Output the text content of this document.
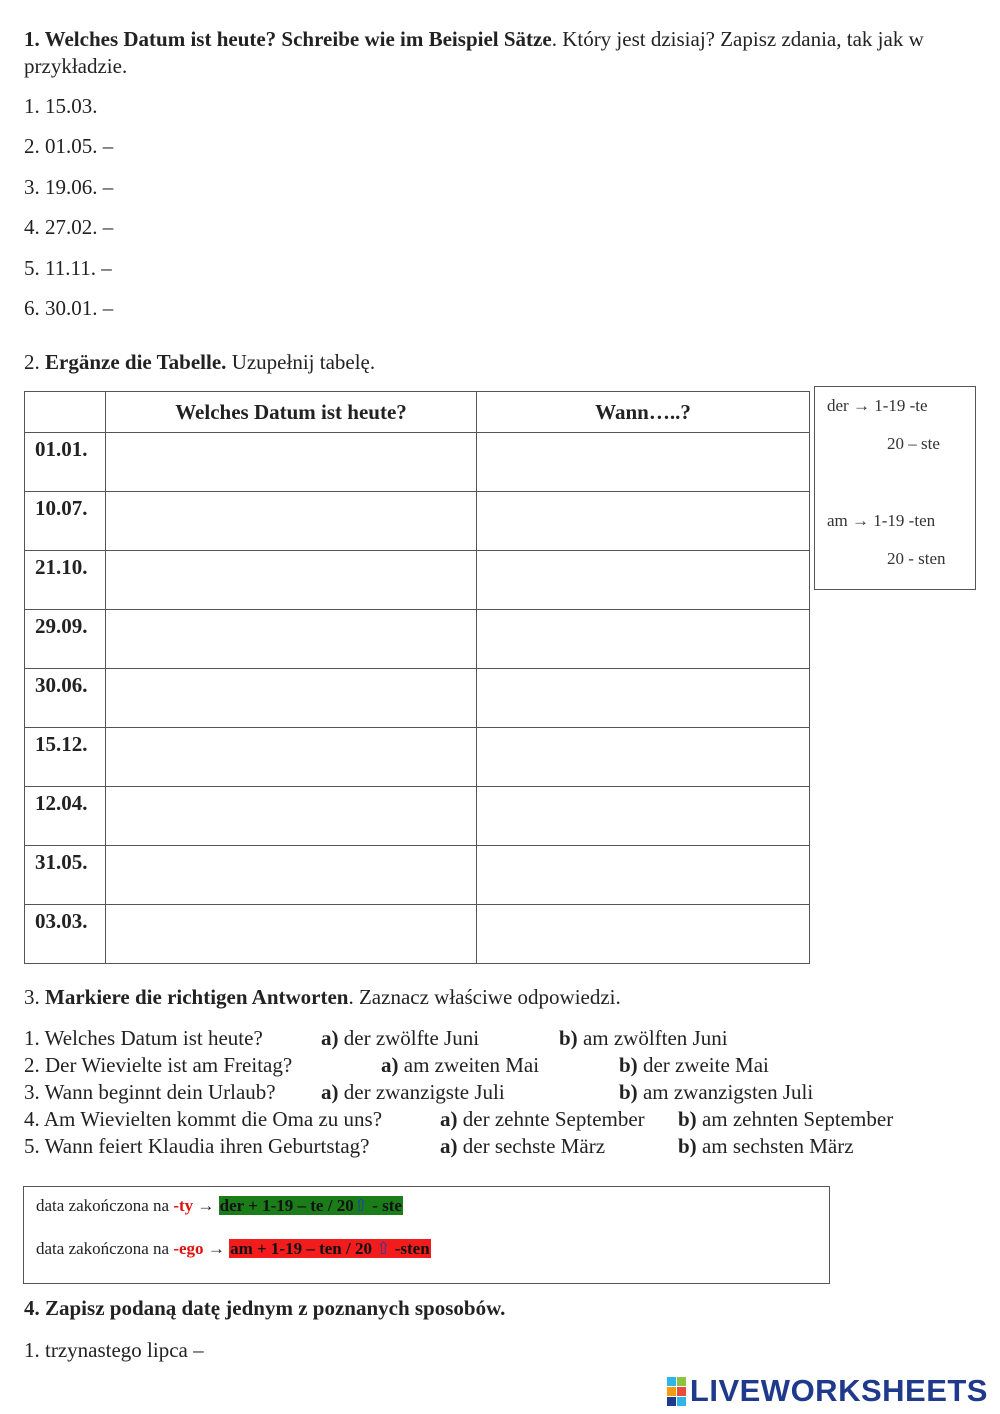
1. Welches Datum ist heute? Schreibe wie im Beispiel Sätze. Który jest dzisiaj? Zapisz zdania, tak jak w przykładzie.
1. 15.03.
2. 01.05. –
3. 19.06. –
4. 27.02. –
5. 11.11. –
6. 30.01. –
2. Ergänze die Tabelle. Uzupełnij tabelę.
	Welches Datum ist heute?	Wann…..?
01.01.		
10.07.		
21.10.		
29.09.		
30.06.		
15.12.		
12.04.		
31.05.		
03.03.		
der → 1-19 -te
20 – ste
am → 1-19 -ten
20 - sten
3. Markiere die richtigen Antworten. Zaznacz właściwe odpowiedzi.
1. Welches Datum ist heute?	a) der zwölfte Juni	b) am zwölften Juni
2. Der Wievielte ist am Freitag?	a) am zweiten Mai	b) der zweite Mai
3. Wann beginnt dein Urlaub? a) der zwanzigste Juli	b) am zwanzigsten Juli
4. Am Wievielten kommt die Oma zu uns?	a) der zehnte September b) am zehnten September
5. Wann feiert Klaudia ihren Geburtstag?	a) der sechste März	b) am sechsten März
data zakończona na -ty → der + 1-19 – te / 20⇧ - ste
data zakończona na -ego → am + 1-19 – ten / 20 ⇧ -sten
4. Zapisz podaną datę jednym z poznanych sposobów.
1. trzynastego lipca –
LIVEWORKSHEETS
